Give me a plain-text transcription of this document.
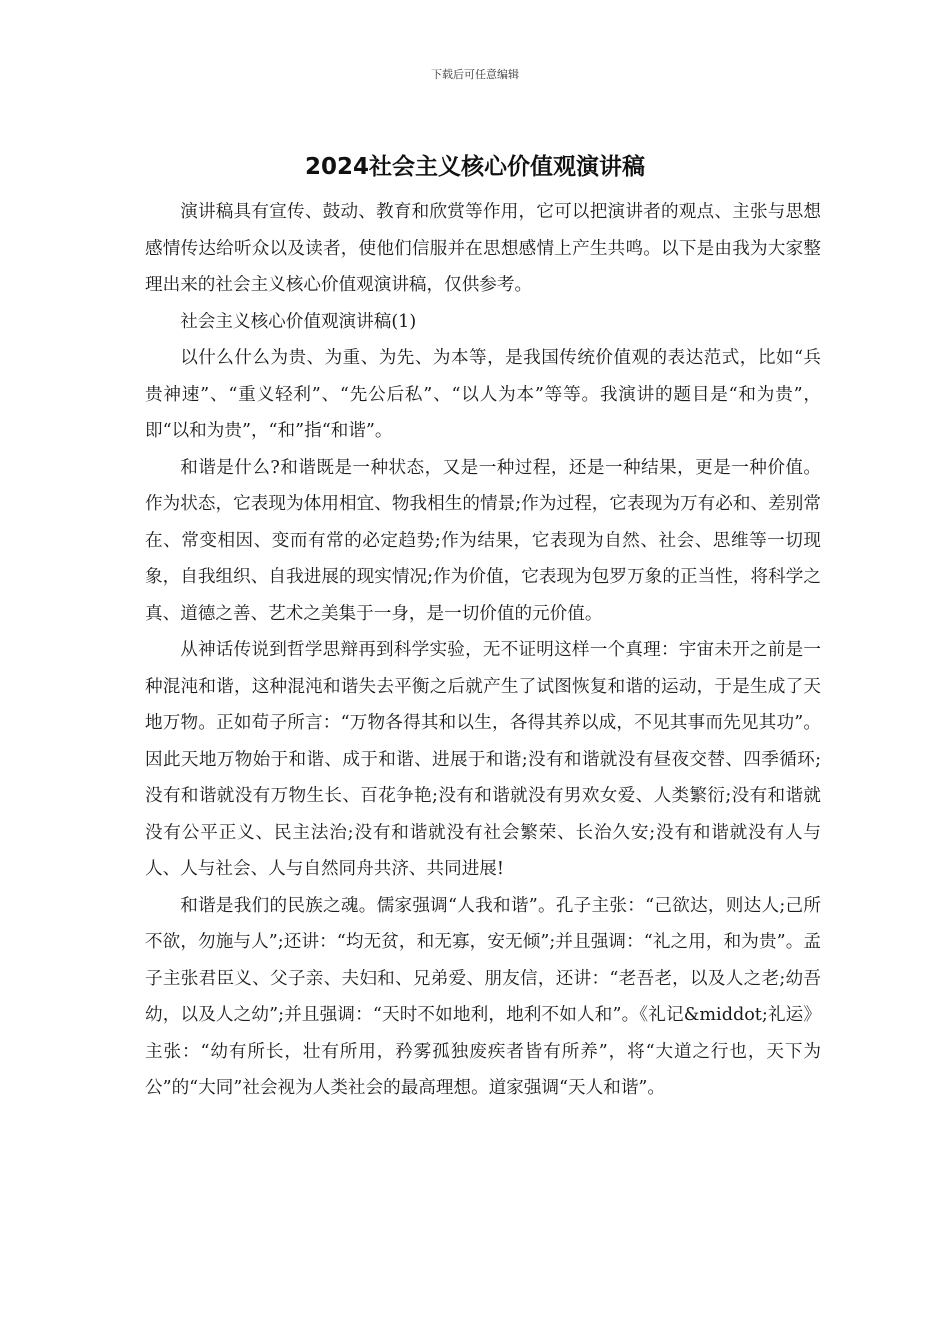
下载后可任意编辑
2024社会主义核心价值观演讲稿

演讲稿具有宣传、鼓动、教育和欣赏等作用，它可以把演讲者的观点、主张与思想感情传达给听众以及读者，使他们信服并在思想感情上产生共鸣。以下是由我为大家整理出来的社会主义核心价值观演讲稿，仅供参考。

社会主义核心价值观演讲稿(1)

以什么什么为贵、为重、为先、为本等，是我国传统价值观的表达范式，比如“兵贵神速”、“重义轻利”、“先公后私”、“以人为本”等等。我演讲的题目是“和为贵”，即“以和为贵”，“和”指“和谐”。

和谐是什么?和谐既是一种状态，又是一种过程，还是一种结果，更是一种价值。作为状态，它表现为体用相宜、物我相生的情景;作为过程，它表现为万有必和、差别常在、常变相因、变而有常的必定趋势;作为结果，它表现为自然、社会、思维等一切现象，自我组织、自我进展的现实情况;作为价值，它表现为包罗万象的正当性，将科学之真、道德之善、艺术之美集于一身，是一切价值的元价值。

从神话传说到哲学思辩再到科学实验，无不证明这样一个真理：宇宙未开之前是一种混沌和谐，这种混沌和谐失去平衡之后就产生了试图恢复和谐的运动，于是生成了天地万物。正如荀子所言：“万物各得其和以生，各得其养以成，不见其事而先见其功”。因此天地万物始于和谐、成于和谐、进展于和谐;没有和谐就没有昼夜交替、四季循环;没有和谐就没有万物生长、百花争艳;没有和谐就没有男欢女爱、人类繁衍;没有和谐就没有公平正义、民主法治;没有和谐就没有社会繁荣、长治久安;没有和谐就没有人与人、人与社会、人与自然同舟共济、共同进展!

和谐是我们的民族之魂。儒家强调“人我和谐”。孔子主张：“己欲达，则达人;己所不欲，勿施与人”;还讲：“均无贫，和无寡，安无倾”;并且强调：“礼之用，和为贵”。孟子主张君臣义、父子亲、夫妇和、兄弟爱、朋友信，还讲：“老吾老，以及人之老;幼吾幼，以及人之幼”;并且强调：“天时不如地利，地利不如人和”。《礼记&middot;礼运》主张：“幼有所长，壮有所用，矜雾孤独废疾者皆有所养”，将“大道之行也，天下为公”的“大同”社会视为人类社会的最高理想。道家强调“天人和谐”。
